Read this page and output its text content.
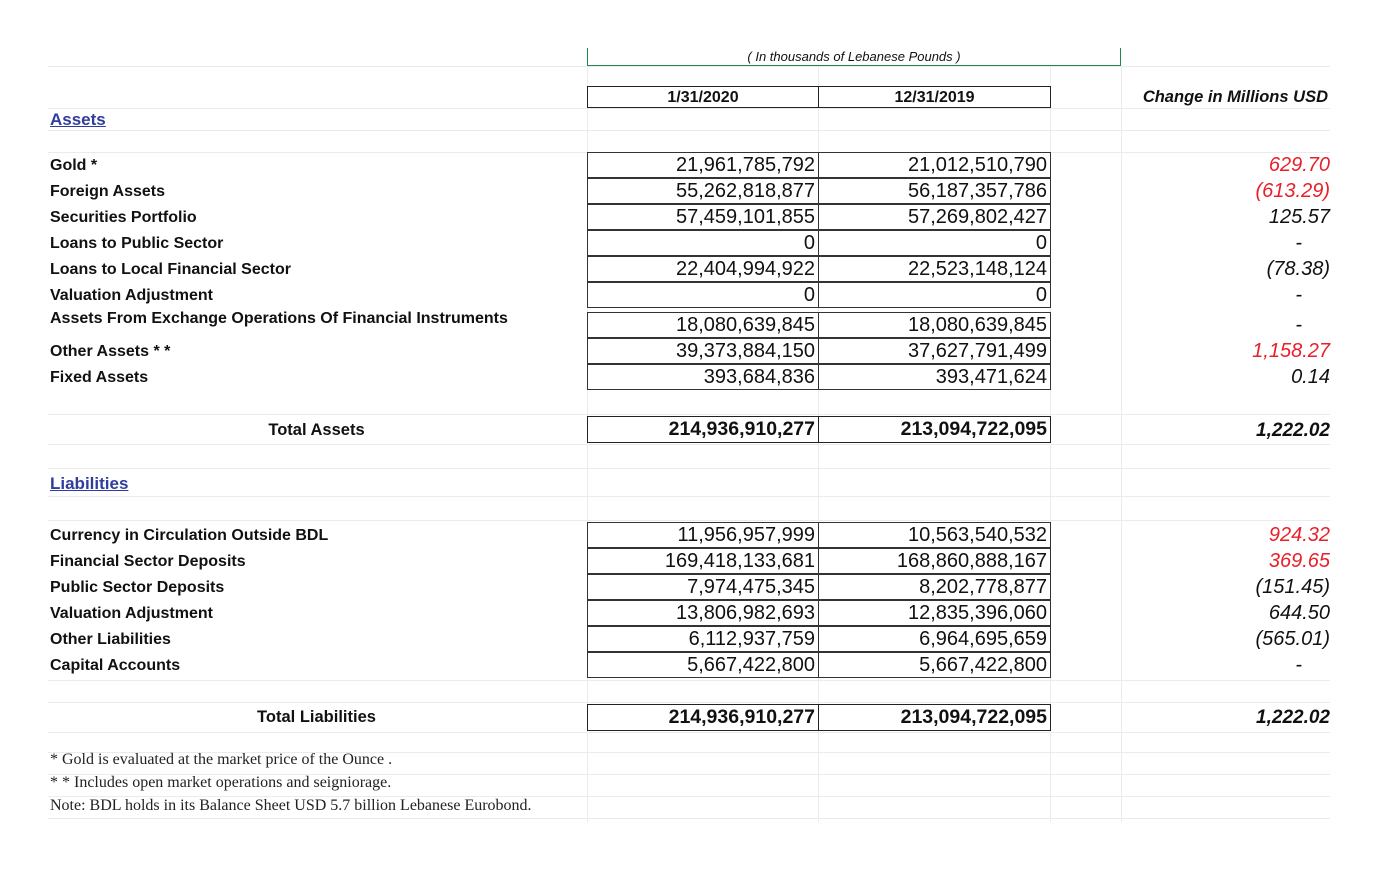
( In thousands of Lebanese Pounds )
1/31/2020	12/31/2019	Change in Millions USD
Assets
Gold *	21,961,785,792	21,012,510,790	629.70
Foreign Assets	55,262,818,877	56,187,357,786	(613.29)
Securities Portfolio	57,459,101,855	57,269,802,427	125.57
Loans to Public Sector	0	0	-
Loans to Local Financial Sector	22,404,994,922	22,523,148,124	(78.38)
Valuation Adjustment	0	0	-
Assets From Exchange Operations Of Financial Instruments	18,080,639,845	18,080,639,845	-
Other Assets * *	39,373,884,150	37,627,791,499	1,158.27
Fixed Assets	393,684,836	393,471,624	0.14
Total Assets	214,936,910,277	213,094,722,095	1,222.02
Liabilities
Currency in Circulation Outside BDL	11,956,957,999	10,563,540,532	924.32
Financial Sector Deposits	169,418,133,681	168,860,888,167	369.65
Public Sector Deposits	7,974,475,345	8,202,778,877	(151.45)
Valuation Adjustment	13,806,982,693	12,835,396,060	644.50
Other Liabilities	6,112,937,759	6,964,695,659	(565.01)
Capital Accounts	5,667,422,800	5,667,422,800	-
Total Liabilities	214,936,910,277	213,094,722,095	1,222.02
* Gold is evaluated at the market price of the Ounce .
* * Includes open market operations and seigniorage.
Note: BDL holds in its Balance Sheet USD 5.7 billion Lebanese Eurobond.
